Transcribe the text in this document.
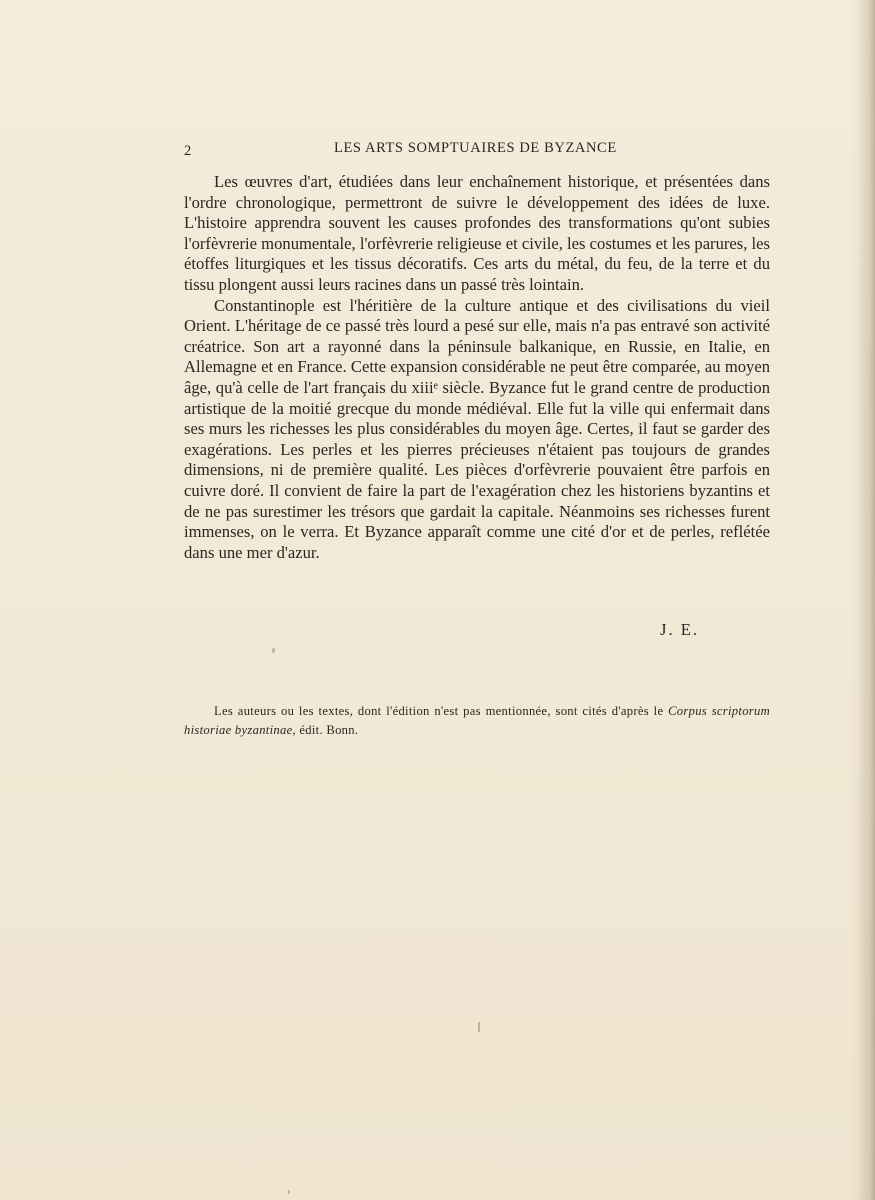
2	LES ARTS SOMPTUAIRES DE BYZANCE

Les œuvres d'art, étudiées dans leur enchaînement historique, et présentées dans l'ordre chronologique, permettront de suivre le développement des idées de luxe. L'histoire apprendra souvent les causes profondes des transformations qu'ont subies l'orfèvrerie monumentale, l'orfèvrerie religieuse et civile, les costumes et les parures, les étoffes liturgiques et les tissus décoratifs. Ces arts du métal, du feu, de la terre et du tissu plongent aussi leurs racines dans un passé très lointain.

Constantinople est l'héritière de la culture antique et des civilisations du vieil Orient. L'héritage de ce passé très lourd a pesé sur elle, mais n'a pas entravé son activité créatrice. Son art a rayonné dans la péninsule balkanique, en Russie, en Italie, en Allemagne et en France. Cette expansion considérable ne peut être comparée, au moyen âge, qu'à celle de l'art français du xiiiᵉ siècle. Byzance fut le grand centre de production artistique de la moitié grecque du monde médiéval. Elle fut la ville qui enfermait dans ses murs les richesses les plus considérables du moyen âge. Certes, il faut se garder des exagérations. Les perles et les pierres précieuses n'étaient pas toujours de grandes dimensions, ni de première qualité. Les pièces d'orfèvrerie pouvaient être parfois en cuivre doré. Il convient de faire la part de l'exagération chez les historiens byzantins et de ne pas surestimer les trésors que gardait la capitale. Néanmoins ses richesses furent immenses, on le verra. Et Byzance apparaît comme une cité d'or et de perles, reflétée dans une mer d'azur.

J. E.
Les auteurs ou les textes, dont l'édition n'est pas mentionnée, sont cités d'après le Corpus scriptorum historiae byzantinae, édit. Bonn.
